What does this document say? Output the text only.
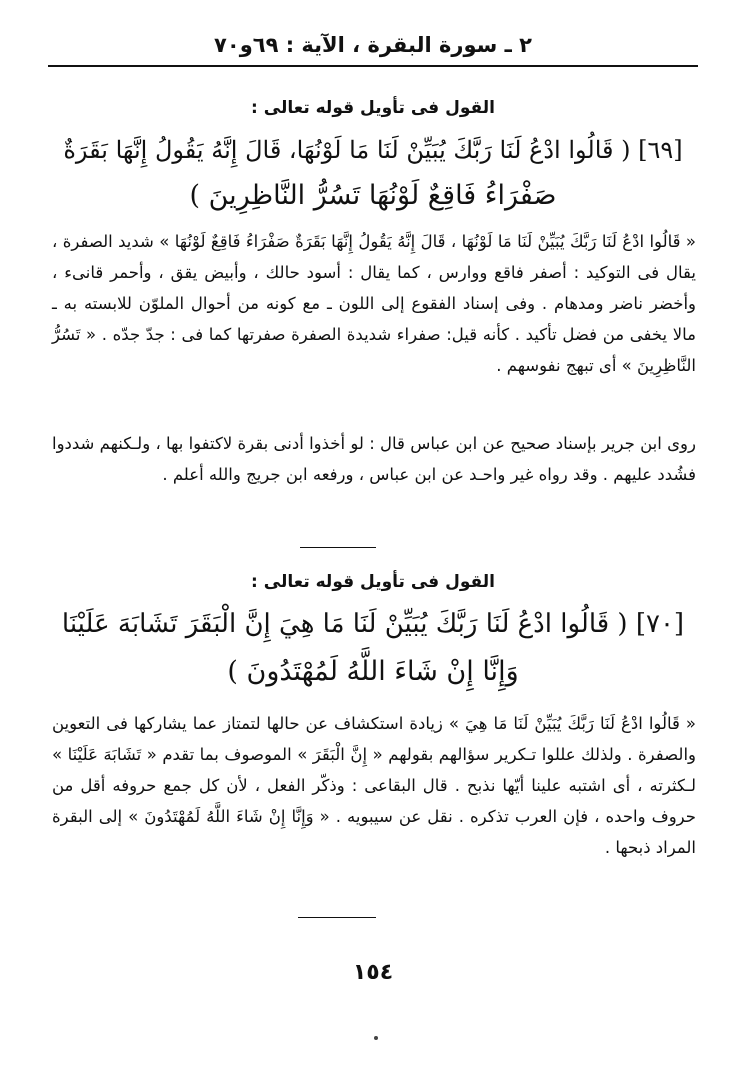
٢ ـ سورة البقرة ، الآية : ٦٩و٧٠
القول فى تأويل قوله تعالى :
[٦٩] ( قَالُوا ادْعُ لَنَا رَبَّكَ يُبَيِّنْ لَنَا مَا لَوْنُهَا، قَالَ إِنَّهُ يَقُولُ إِنَّهَا بَقَرَةٌ
صَفْرَاءُ فَاقِعٌ لَوْنُهَا تَسُرُّ النَّاظِرِينَ )
« قَالُوا ادْعُ لَنَا رَبَّكَ يُبَيِّنْ لَنَا مَا لَوْنُهَا ، قَالَ إِنَّهُ يَقُولُ إِنَّهَا بَقَرَةٌ صَفْرَاءُ فَاقِعٌ لَوْنُهَا » شديد الصفرة ، يقال فى التوكيد : أصفر فاقع ووارس ، كما يقال : أسود حالك ، وأبيض يقق ، وأحمر قانىء ، وأخضر ناضر ومدهام . وفى إسناد الفقوع إلى اللون ـ مع كونه من أحوال الملوّن للابسته به ـ مالا يخفى من فضل تأكيد . كأنه قيل: صفراء شديدة الصفرة صفرتها كما فى : جدّ جدّه . « تَسُرُّ النَّاظِرِينَ » أى تبهج نفوسهم .
روى ابن جرير بإسناد صحيح عن ابن عباس قال : لو أخذوا أدنى بقرة لاكتفوا بها ، ولـكنهم شددوا فشُدد عليهم . وقد رواه غير واحـد عن ابن عباس ، ورفعه ابن جريج والله أعلم .
القول فى تأويل قوله تعالى :
[٧٠] ( قَالُوا ادْعُ لَنَا رَبَّكَ يُبَيِّنْ لَنَا مَا هِيَ إِنَّ الْبَقَرَ تَشَابَهَ عَلَيْنَا
وَإِنَّا إِنْ شَاءَ اللَّهُ لَمُهْتَدُونَ )
« قَالُوا ادْعُ لَنَا رَبَّكَ يُبَيِّنْ لَنَا مَا هِيَ » زيادة استكشاف عن حالها لتمتاز عما يشاركها فى التعوين والصفرة . ولذلك عللوا تـكرير سؤالهم بقولهم « إِنَّ الْبَقَرَ » الموصوف بما تقدم « تَشَابَهَ عَلَيْنَا » لـكثرته ، أى اشتبه علينا أيّها نذبح . قال البقاعى : وذكّر الفعل ، لأن كل جمع حروفه أقل من حروف واحده ، فإن العرب تذكره . نقل عن سيبويه . « وَإِنَّا إِنْ شَاءَ اللَّهُ لَمُهْتَدُونَ » إلى البقرة المراد ذبحها .
١٥٤
